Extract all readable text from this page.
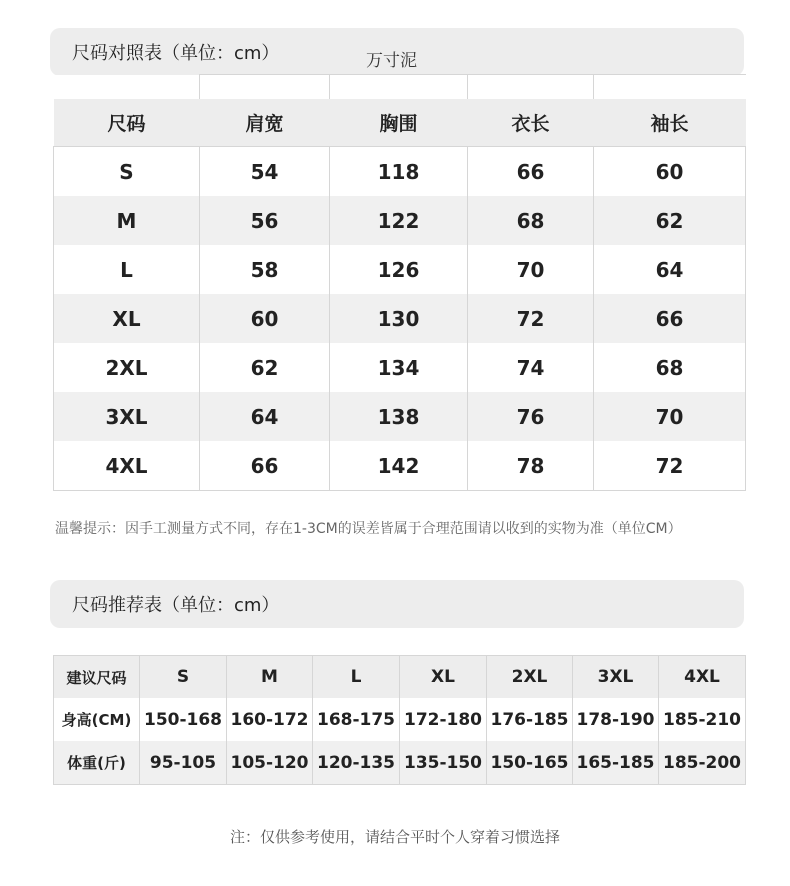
尺码对照表（单位：cm）	万寸泥

尺码	肩宽	胸围	衣长	袖长
S	54	118	66	60
M	56	122	68	62
L	58	126	70	64
XL	60	130	72	66
2XL	62	134	74	68
3XL	64	138	76	70
4XL	66	142	78	72
温馨提示：因手工测量方式不同，存在1-3CM的误差皆属于合理范围请以收到的实物为准（单位CM）
尺码推荐表（单位：cm）
建议尺码	S	M	L	XL	2XL	3XL	4XL
身高(CM)	150-168	160-172	168-175	172-180	176-185	178-190	185-210
体重(斤)	95-105	105-120	120-135	135-150	150-165	165-185	185-200
注：仅供参考使用，请结合平时个人穿着习惯选择
